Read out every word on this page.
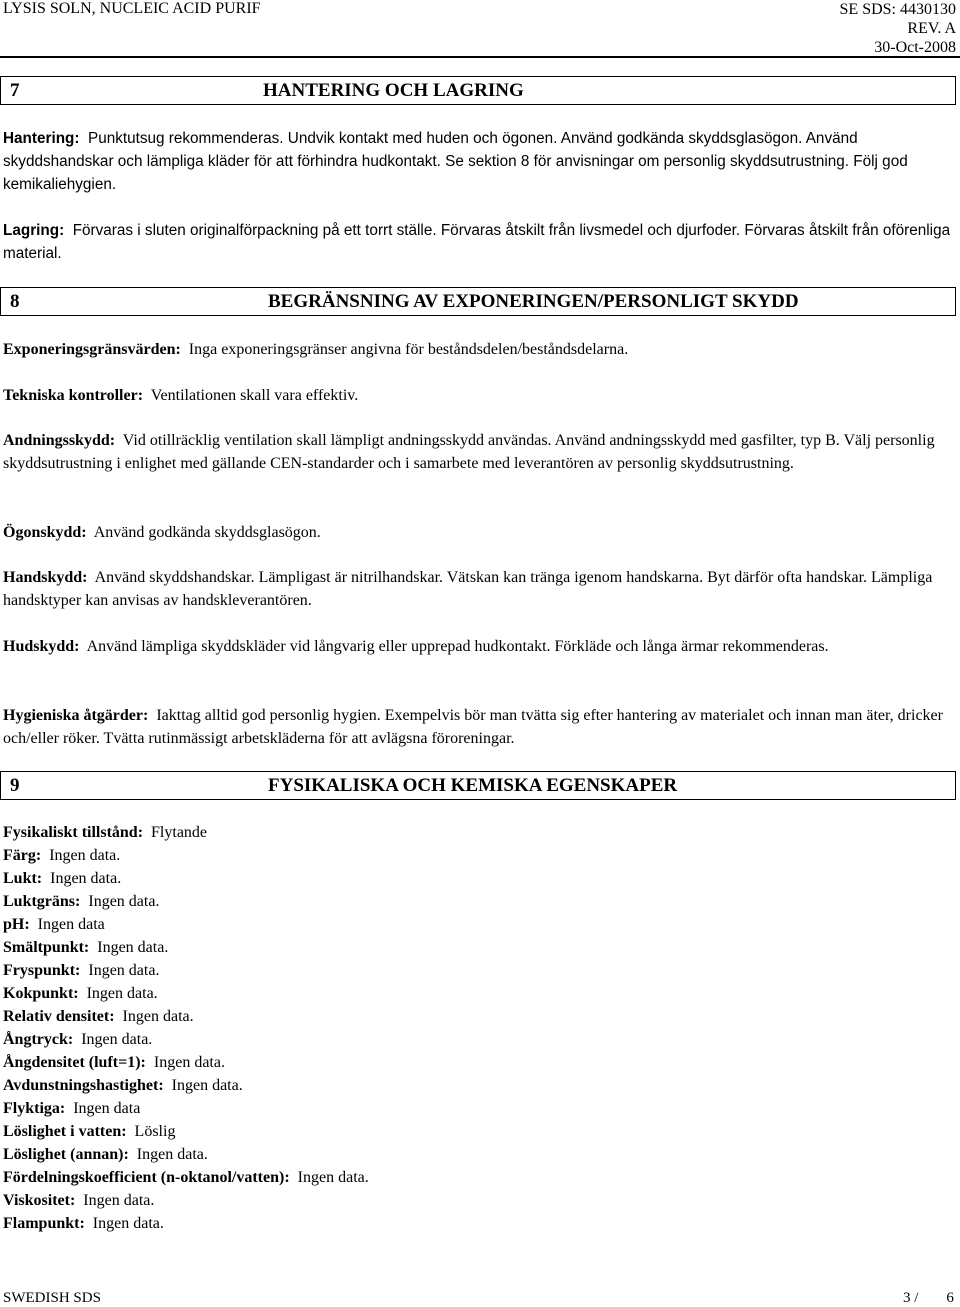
LYSIS SOLN, NUCLEIC ACID PURIF	SE SDS: 4430130
REV. A
30-Oct-2008
7	HANTERING OCH LAGRING

Hantering: Punktutsug rekommenderas. Undvik kontakt med huden och ögonen. Använd godkända skyddsglasögon. Använd skyddshandskar och lämpliga kläder för att förhindra hudkontakt. Se sektion 8 för anvisningar om personlig skyddsutrustning. Följ god kemikaliehygien.

Lagring: Förvaras i sluten originalförpackning på ett torrt ställe. Förvaras åtskilt från livsmedel och djurfoder. Förvaras åtskilt från oförenliga material.

8	BEGRÄNSNING AV EXPONERINGEN/PERSONLIGT SKYDD

Exponeringsgränsvärden: Inga exponeringsgränser angivna för beståndsdelen/beståndsdelarna.

Tekniska kontroller: Ventilationen skall vara effektiv.

Andningsskydd: Vid otillräcklig ventilation skall lämpligt andningsskydd användas. Använd andningsskydd med gasfilter, typ B. Välj personlig skyddsutrustning i enlighet med gällande CEN-standarder och i samarbete med leverantören av personlig skyddsutrustning.

Ögonskydd: Använd godkända skyddsglasögon.

Handskydd: Använd skyddshandskar. Lämpligast är nitrilhandskar. Vätskan kan tränga igenom handskarna. Byt därför ofta handskar. Lämpliga handsktyper kan anvisas av handskleverantören.

Hudskydd: Använd lämpliga skyddskläder vid långvarig eller upprepad hudkontakt. Förkläde och långa ärmar rekommenderas.

Hygieniska åtgärder: Iakttag alltid god personlig hygien. Exempelvis bör man tvätta sig efter hantering av materialet och innan man äter, dricker och/eller röker. Tvätta rutinmässigt arbetskläderna för att avlägsna föroreningar.

9	FYSIKALISKA OCH KEMISKA EGENSKAPER
Fysikaliskt tillstånd: Flytande
Färg: Ingen data.
Lukt: Ingen data.
Luktgräns: Ingen data.
pH: Ingen data
Smältpunkt: Ingen data.
Fryspunkt: Ingen data.
Kokpunkt: Ingen data.
Relativ densitet: Ingen data.
Ångtryck: Ingen data.
Ångdensitet (luft=1): Ingen data.
Avdunstningshastighet: Ingen data.
Flyktiga: Ingen data
Löslighet i vatten: Löslig
Löslighet (annan): Ingen data.
Fördelningskoefficient (n-oktanol/vatten): Ingen data.
Viskositet: Ingen data.
Flampunkt: Ingen data.
SWEDISH SDS	3 / 6
